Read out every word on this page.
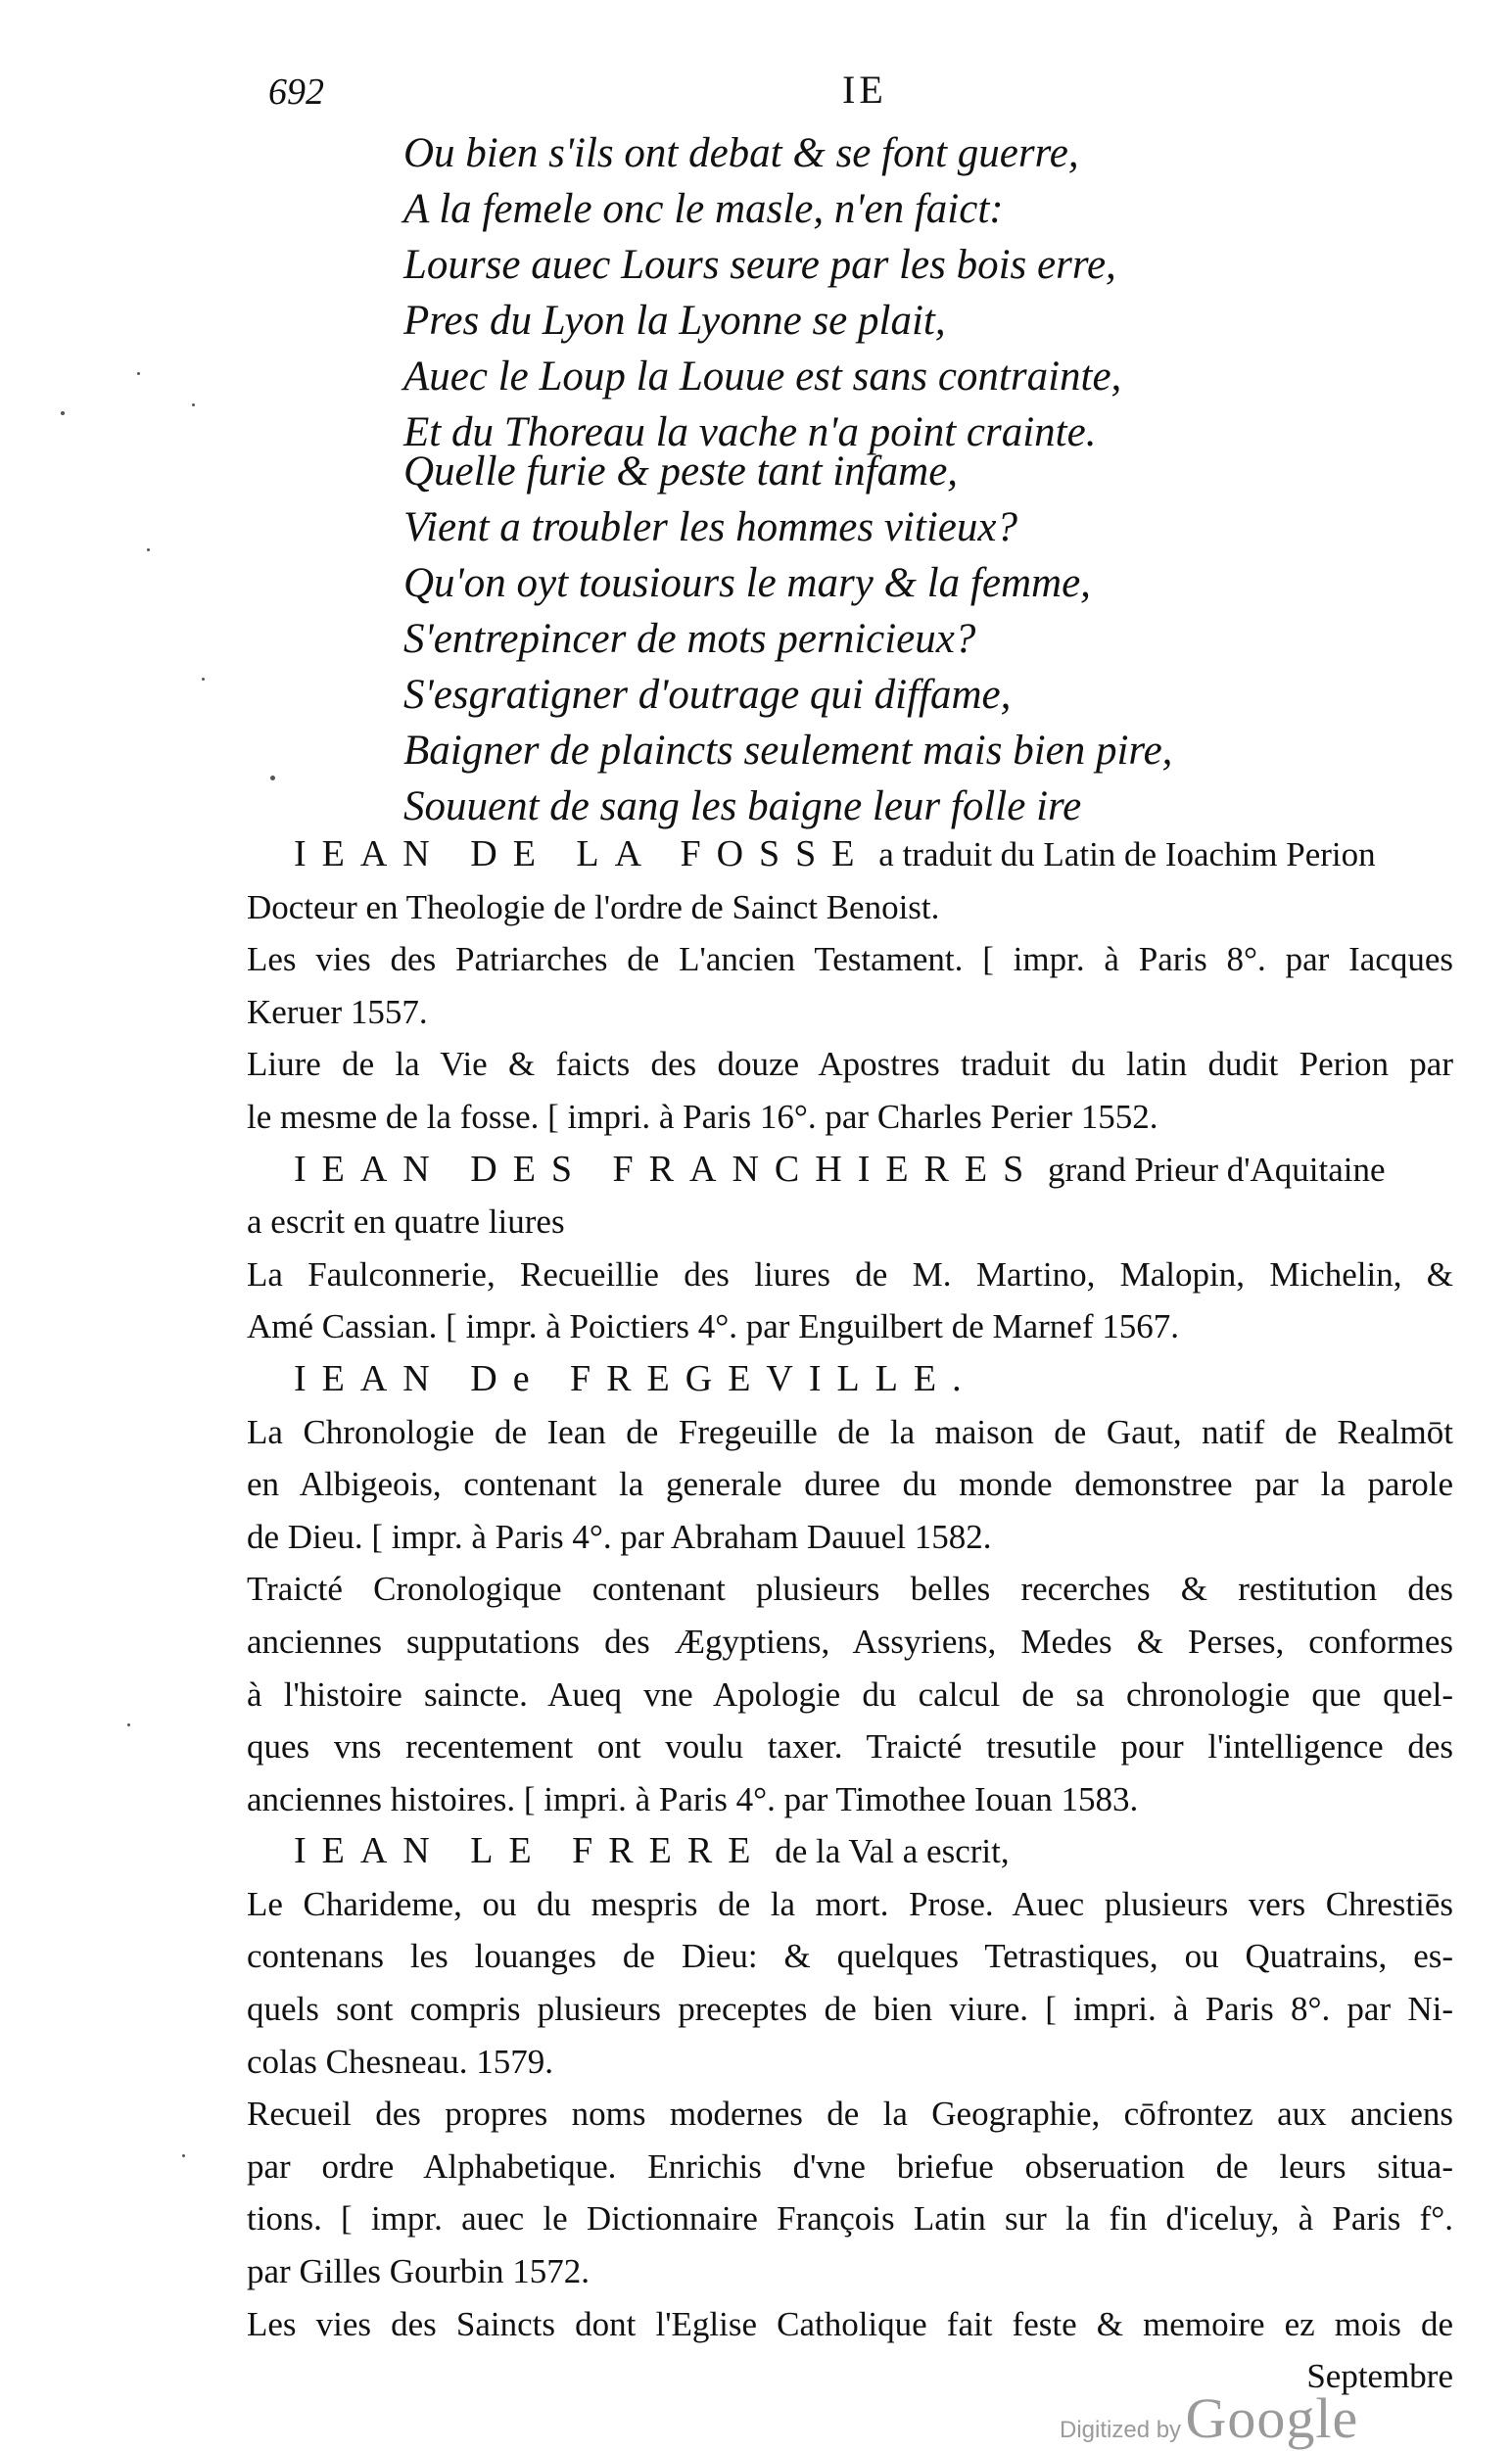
692	IE
Ou bien s'ils ont debat & se font guerre,
A la femele onc le masle, n'en faict:
Lourse auec Lours seure par les bois erre,
Pres du Lyon la Lyonne se plait,
Auec le Loup la Louue est sans contrainte,
Et du Thoreau la vache n'a point crainte.
Quelle furie & peste tant infame,
Vient a troubler les hommes vitieux?
Qu'on oyt tousiours le mary & la femme,
S'entrepincer de mots pernicieux?
S'esgratigner d'outrage qui diffame,
Baigner de plaincts seulement mais bien pire,
Souuent de sang les baigne leur folle ire
IEAN DE LA FOSSE a traduit du Latin de Ioachim Perion
Docteur en Theologie de l'ordre de Sainct Benoist.
Les vies des Patriarches de L'ancien Testament. [ impr. à Paris 8°. par Iacques
Keruer 1557.
Liure de la Vie & faicts des douze Apostres traduit du latin dudit Perion par
le mesme de la fosse. [ impri. à Paris 16°. par Charles Perier 1552.
IEAN DES FRANCHIERES grand Prieur d'Aquitaine
a escrit en quatre liures
La Faulconnerie, Recueillie des liures de M. Martino, Malopin, Michelin, &
Amé Cassian. [ impr. à Poictiers 4°. par Enguilbert de Marnef 1567.
IEAN De FREGEVILLE.
La Chronologie de Iean de Fregeuille de la maison de Gaut, natif de Realmōt
en Albigeois, contenant la generale duree du monde demonstree par la parole
de Dieu. [ impr. à Paris 4°. par Abraham Dauuel 1582.
Traicté Cronologique contenant plusieurs belles recerches & restitution des
anciennes supputations des Ægyptiens, Assyriens, Medes & Perses, conformes
à l'histoire saincte. Aueq vne Apologie du calcul de sa chronologie que quel-
ques vns recentement ont voulu taxer. Traicté tresutile pour l'intelligence des
anciennes histoires. [ impri. à Paris 4°. par Timothee Iouan 1583.
IEAN LE FRERE de la Val a escrit,
Le Charideme, ou du mespris de la mort. Prose. Auec plusieurs vers Chrestiēs
contenans les louanges de Dieu: & quelques Tetrastiques, ou Quatrains, es-
quels sont compris plusieurs preceptes de bien viure. [ impri. à Paris 8°. par Ni-
colas Chesneau. 1579.
Recueil des propres noms modernes de la Geographie, cōfrontez aux anciens
par ordre Alphabetique. Enrichis d'vne briefue obseruation de leurs situa-
tions. [ impr. auec le Dictionnaire François Latin sur la fin d'iceluy, à Paris f°.
par Gilles Gourbin 1572.
Les vies des Saincts dont l'Eglise Catholique fait feste & memoire ez mois de
Septembre
Digitized by Google
